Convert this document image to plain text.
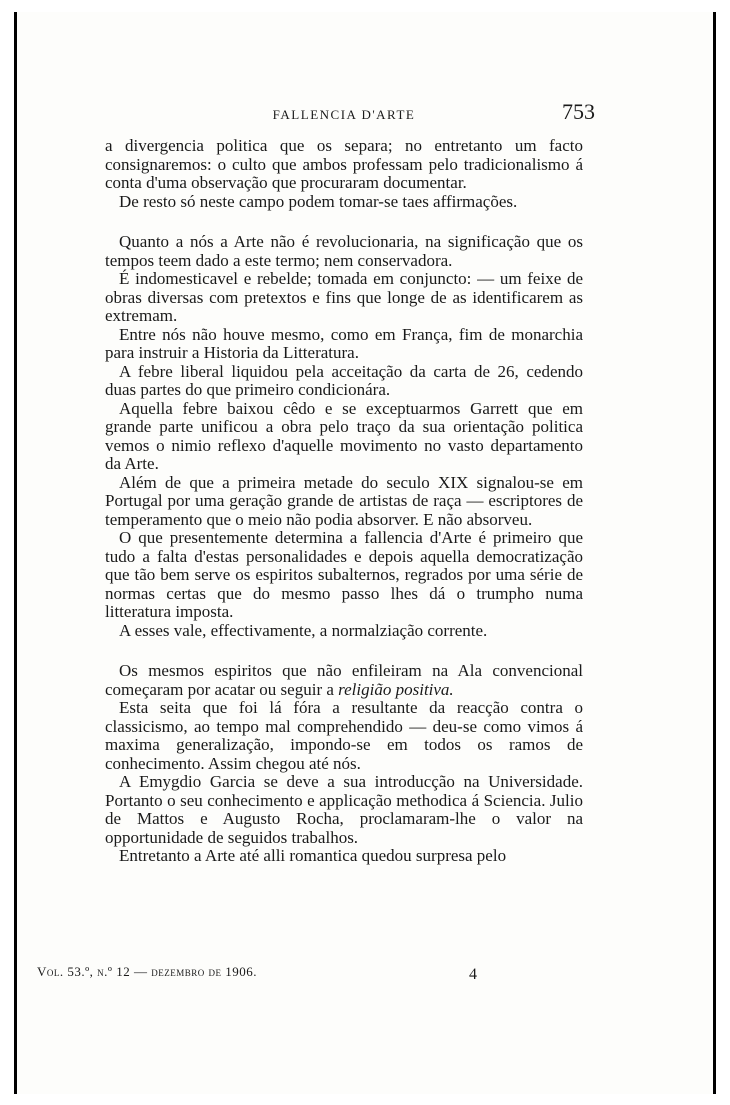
FALLENCIA D'ARTE	753

a divergencia politica que os separa; no entretanto um facto consignaremos: o culto que ambos professam pelo tradicionalismo á conta d'uma observação que procuraram documentar.

De resto só neste campo podem tomar-se taes affirmações.

Quanto a nós a Arte não é revolucionaria, na significação que os tempos teem dado a este termo; nem conservadora.

É indomesticavel e rebelde; tomada em conjuncto: — um feixe de obras diversas com pretextos e fins que longe de as identificarem as extremam.

Entre nós não houve mesmo, como em França, fim de monarchia para instruir a Historia da Litteratura.

A febre liberal liquidou pela acceitação da carta de 26, cedendo duas partes do que primeiro condicionára.

Aquella febre baixou cêdo e se exceptuarmos Garrett que em grande parte unificou a obra pelo traço da sua orientação politica vemos o nimio reflexo d'aquelle movimento no vasto departamento da Arte.

Além de que a primeira metade do seculo XIX signalou-se em Portugal por uma geração grande de artistas de raça — escriptores de temperamento que o meio não podia absorver. E não absorveu.

O que presentemente determina a fallencia d'Arte é primeiro que tudo a falta d'estas personalidades e depois aquella democratização que tão bem serve os espiritos subalternos, regrados por uma série de normas certas que do mesmo passo lhes dá o trumpho numa litteratura imposta.

A esses vale, effectivamente, a normalziação corrente.

Os mesmos espiritos que não enfileiram na Ala convencional começaram por acatar ou seguir a religião positiva.

Esta seita que foi lá fóra a resultante da reacção contra o classicismo, ao tempo mal comprehendido — deu-se como vimos á maxima generalização, impondo-se em todos os ramos de conhecimento. Assim chegou até nós.

A Emygdio Garcia se deve a sua introducção na Universidade. Portanto o seu conhecimento e applicação methodica á Sciencia. Julio de Mattos e Augusto Rocha, proclamaram-lhe o valor na opportunidade de seguidos trabalhos.

Entretanto a Arte até alli romantica quedou surpresa pelo

Vol. 53.º, n.º 12 — dezembro de 1906.	4
